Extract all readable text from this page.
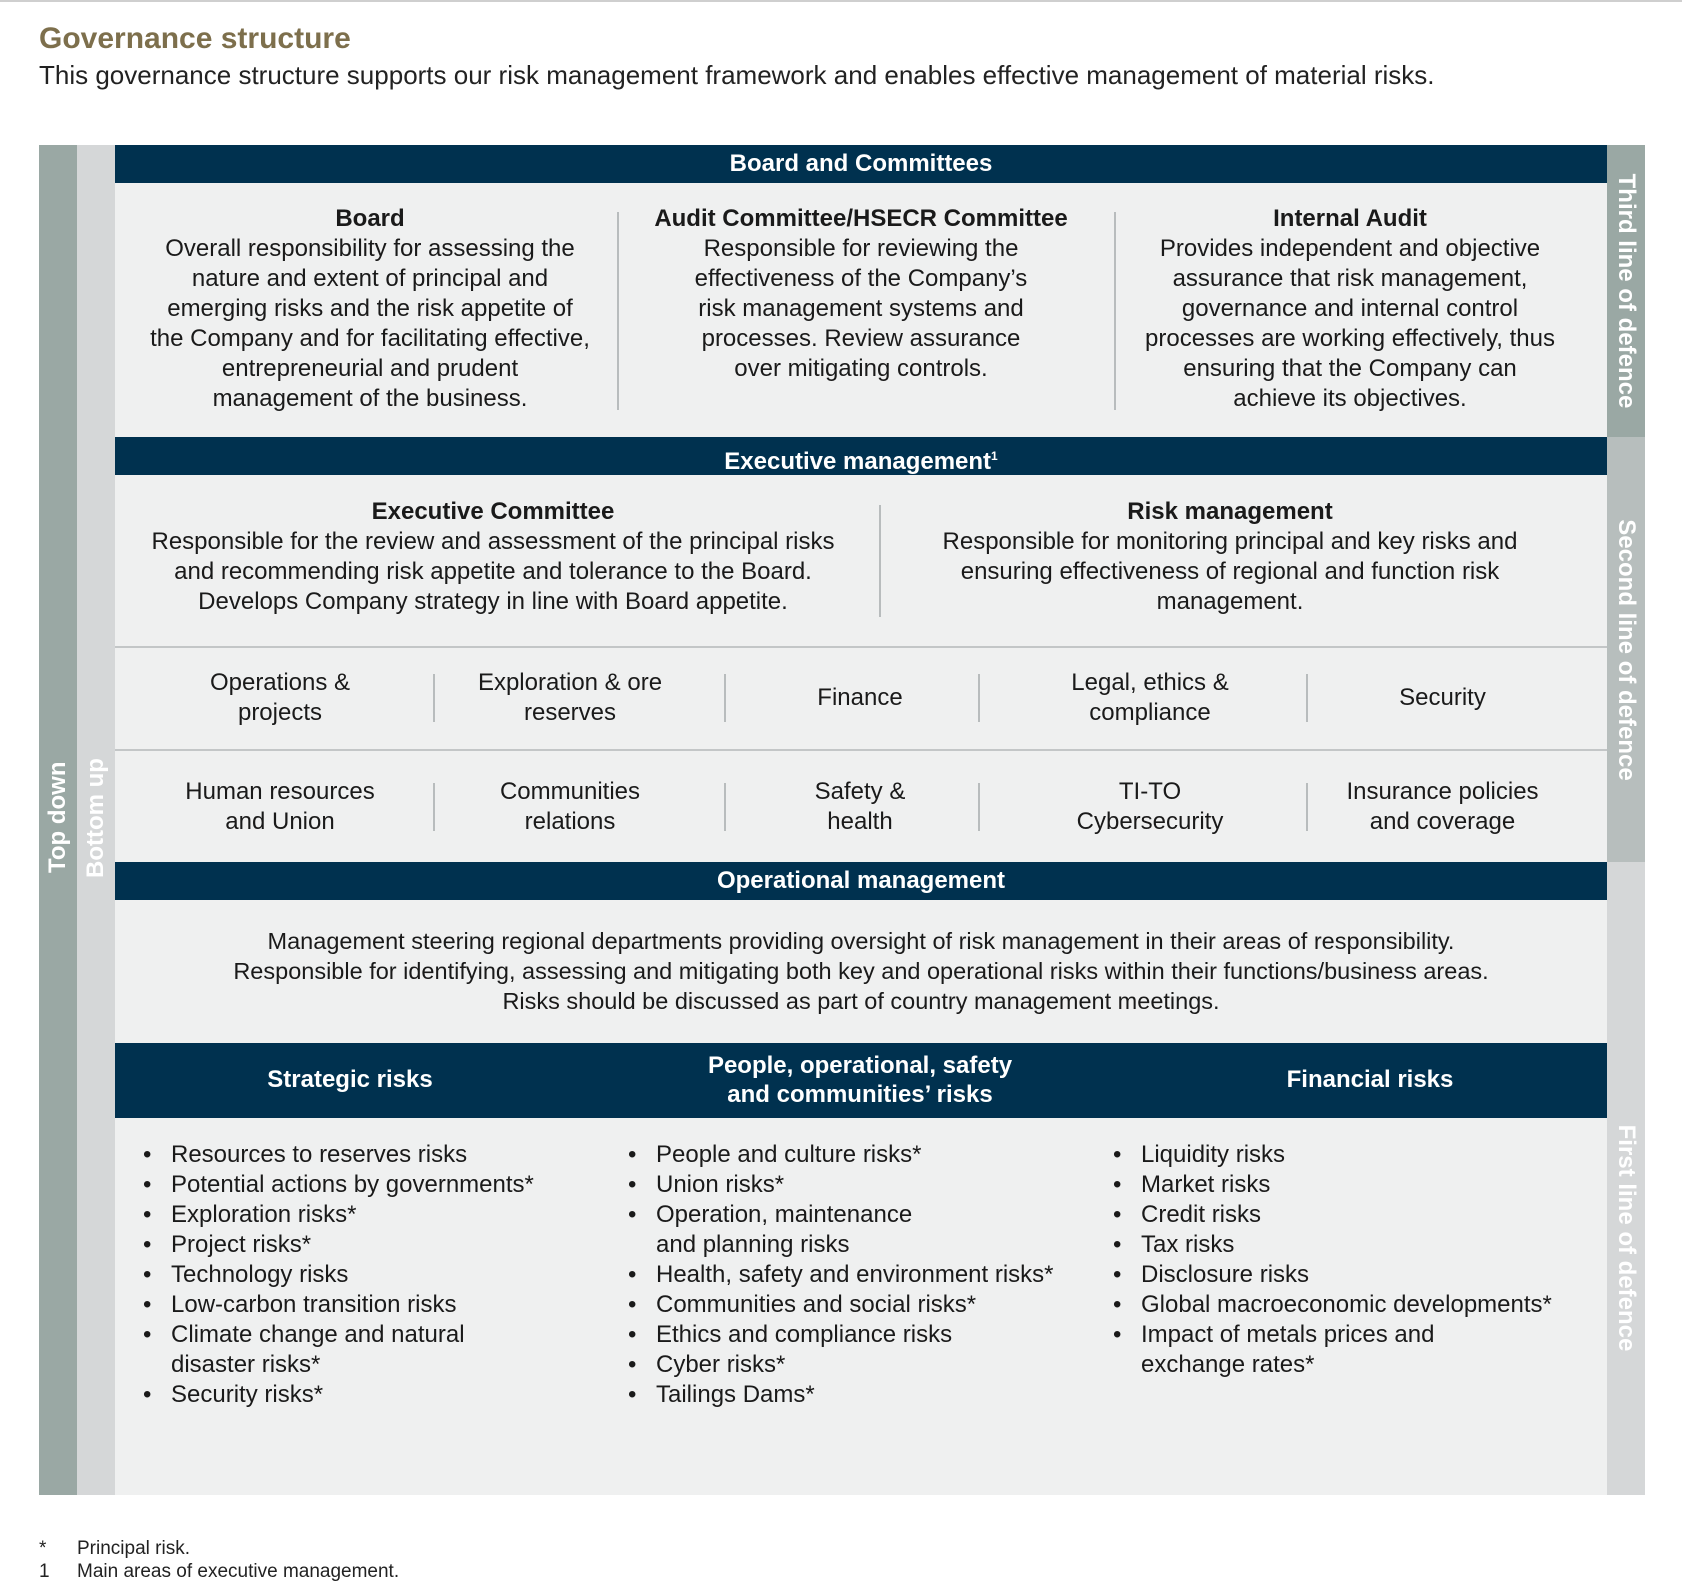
Governance structure
This governance structure supports our risk management framework and enables effective management of material risks.
Top down Bottom up
Third line of defence
Second line of defence
First line of defence
Board and Committees
Board
Overall responsibility for assessing the nature and extent of principal and emerging risks and the risk appetite of the Company and for facilitating effective, entrepreneurial and prudent management of the business.
Audit Committee/HSECR Committee
Responsible for reviewing the effectiveness of the Company’s risk management systems and processes. Review assurance over mitigating controls.
Internal Audit
Provides independent and objective assurance that risk management, governance and internal control processes are working effectively, thus ensuring that the Company can achieve its objectives.
Executive management$^1$
Executive Committee
Responsible for the review and assessment of the principal risks and recommending risk appetite and tolerance to the Board. Develops Company strategy in line with Board appetite.
Risk management
Responsible for monitoring principal and key risks and ensuring effectiveness of regional and function risk management.
Operations & projects
Exploration & ore reserves
Finance
Legal, ethics & compliance
Security
Human resources and Union
Communities relations
Safety & health
TI-TO Cybersecurity
Insurance policies and coverage
Operational management
Management steering regional departments providing oversight of risk management in their areas of responsibility.
Responsible for identifying, assessing and mitigating both key and operational risks within their functions/business areas.
Risks should be discussed as part of country management meetings.
Strategic risks
People, operational, safety
and communities’ risks
Financial risks
• Resources to reserves risks
• Potential actions by governments*
• Exploration risks*
• Project risks*
• Technology risks
• Low-carbon transition risks
• Climate change and natural disaster risks*
• Security risks*
• People and culture risks*
• Union risks*
• Operation, maintenance and planning risks
• Health, safety and environment risks*
• Communities and social risks*
• Ethics and compliance risks
• Cyber risks*
• Tailings Dams*
• Liquidity risks
• Market risks
• Credit risks
• Tax risks
• Disclosure risks
• Global macroeconomic developments*
• Impact of metals prices and exchange rates*
* Principal risk.
1 Main areas of executive management.
